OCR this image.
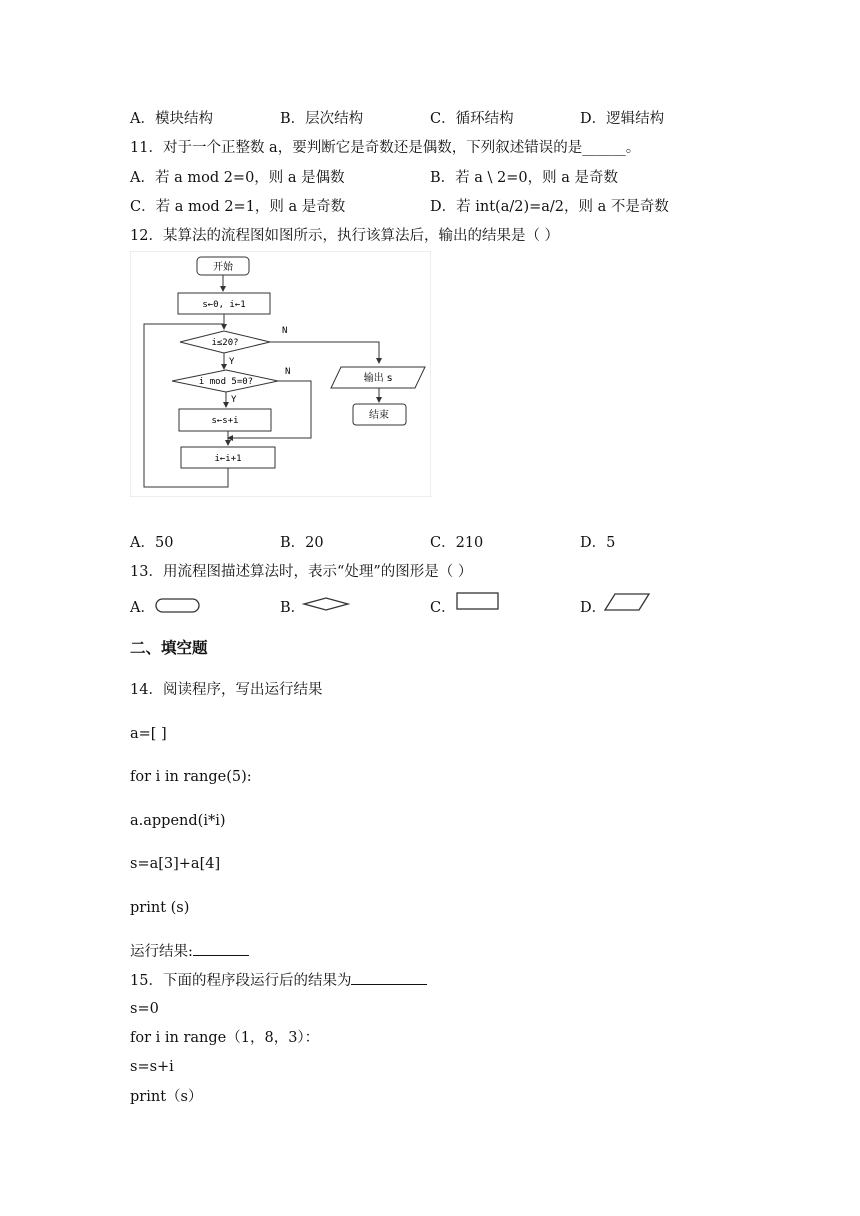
A．模块结构	B．层次结构	C．循环结构	D．逻辑结构
11．对于一个正整数 a，要判断它是奇数还是偶数，下列叙述错误的是______。
A．若 a mod 2=0，则 a 是偶数	B．若 a \ 2=0，则 a 是奇数
C．若 a mod 2=1，则 a 是奇数	D．若 int(a/2)=a/2，则 a 不是奇数
12．某算法的流程图如图所示，执行该算法后，输出的结果是（ ）
开始
s←0, i←1
i≤20?
N
Y
i mod 5=0?
N
Y
s←s+i
i←i+1
输出 s
结束
A．50	B．20	C．210	D．5
13．用流程图描述算法时，表示“处理”的图形是（ ）
A．	B．	C．	D．
二、填空题
14．阅读程序，写出运行结果
a=[ ]
for i in range(5):
a.append(i*i)
s=a[3]+a[4]
print (s)
运行结果:
15．下面的程序段运行后的结果为
s=0
for i in range（1，8，3）：
s=s+i
print（s）
